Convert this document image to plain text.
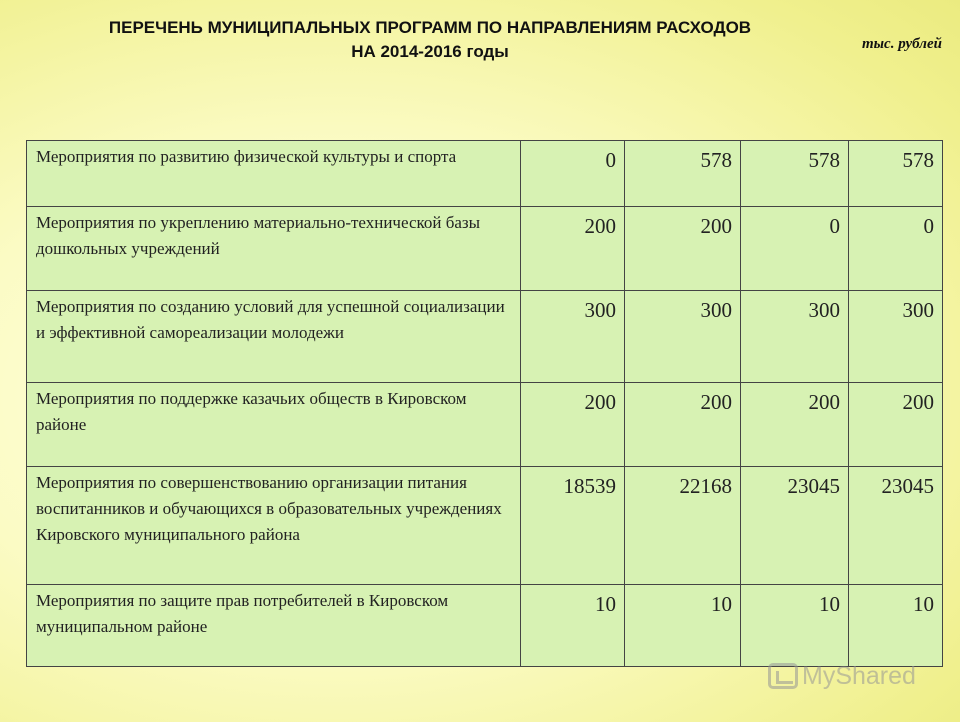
ПЕРЕЧЕНЬ МУНИЦИПАЛЬНЫХ ПРОГРАММ ПО НАПРАВЛЕНИЯМ РАСХОДОВ
НА 2014-2016 годы	тыс. рублей
Мероприятия по развитию физической культуры и спорта	0	578	578	578
Мероприятия по укреплению материально-технической базы дошкольных учреждений	200	200	0	0
Мероприятия по созданию условий для успешной социализации и эффективной самореализации молодежи	300	300	300	300
Мероприятия по поддержке казачьих обществ в Кировском районе	200	200	200	200
Мероприятия по совершенствованию организации питания воспитанников и обучающихся в образовательных учреждениях Кировского муниципального района	18539	22168	23045	23045
Мероприятия по защите прав потребителей в Кировском муниципальном районе	10	10	10	10
MyShared
